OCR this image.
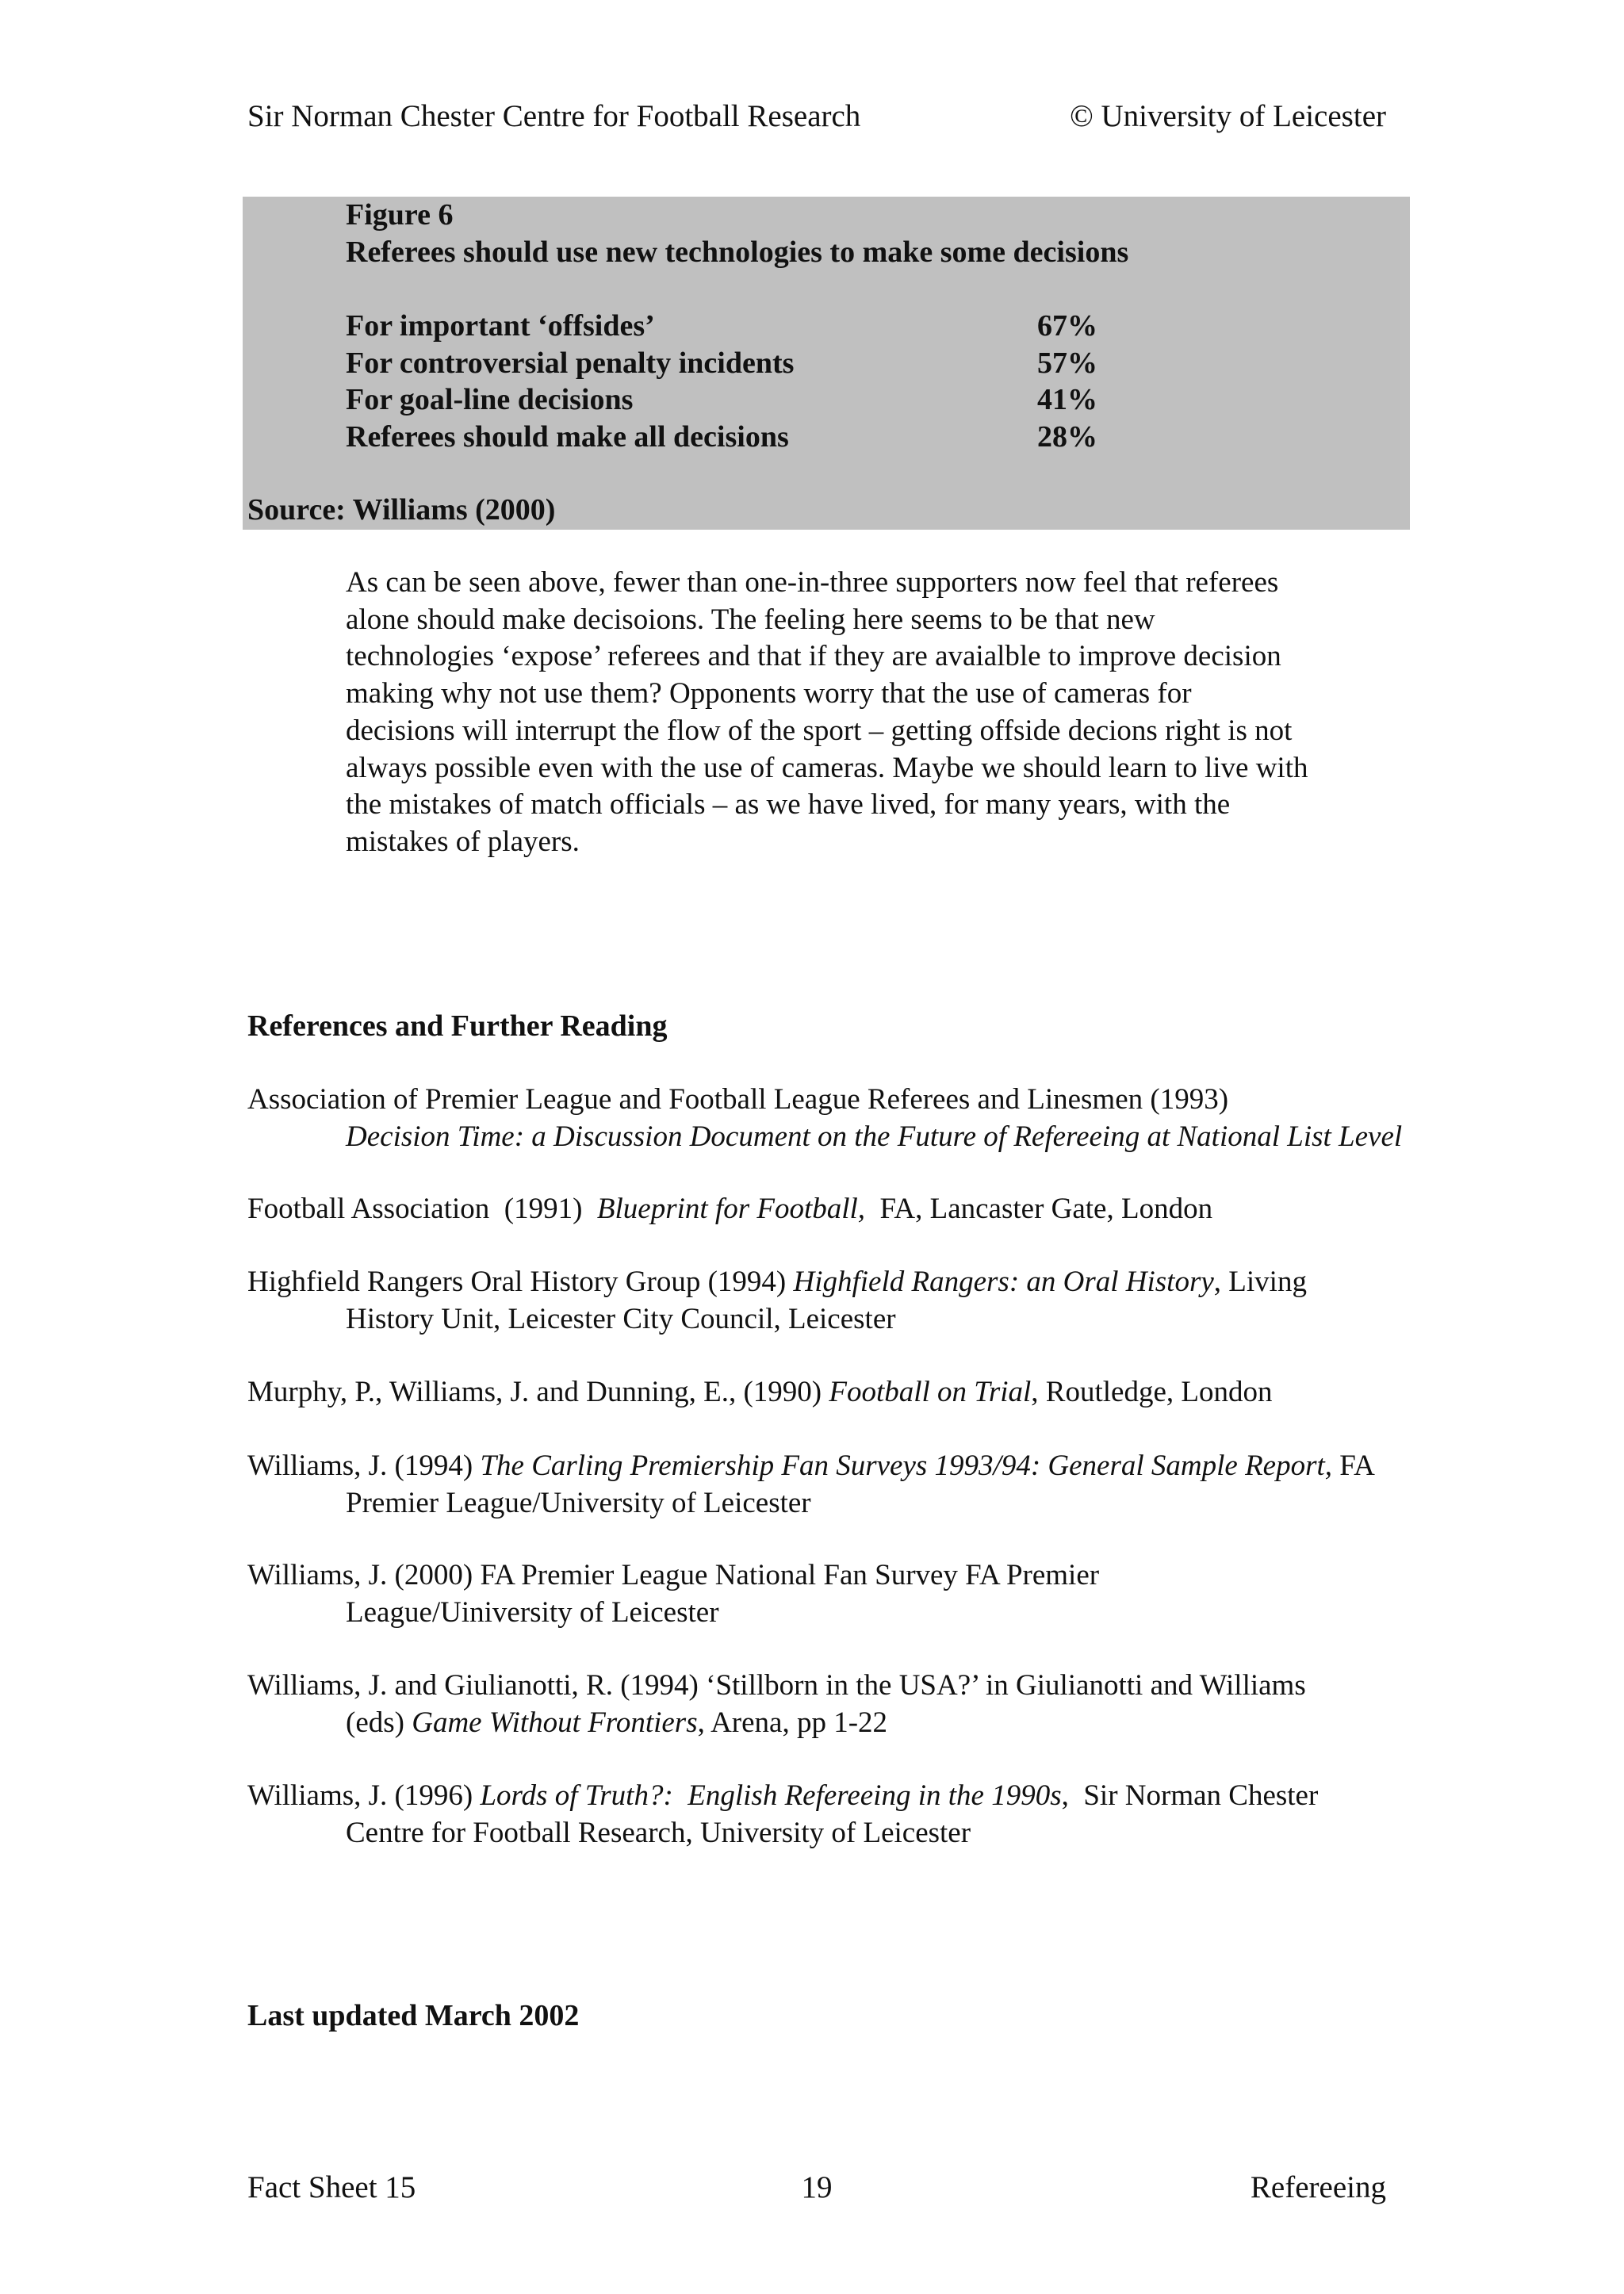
Sir Norman Chester Centre for Football Research	© University of Leicester
Figure 6
Referees should use new technologies to make some decisions
For important ‘offsides’	67%
For controversial penalty incidents	57%
For goal-line decisions	41%
Referees should make all decisions	28%
Source: Williams (2000)
As can be seen above, fewer than one-in-three supporters now feel that referees
alone should make decisoions. The feeling here seems to be that new
technologies ‘expose’ referees and that if they are avaialble to improve decision
making why not use them? Opponents worry that the use of cameras for
decisions will interrupt the flow of the sport – getting offside decions right is not
always possible even with the use of cameras. Maybe we should learn to live with
the mistakes of match officials – as we have lived, for many years, with the
mistakes of players.
References and Further Reading
Association of Premier League and Football League Referees and Linesmen (1993)
Decision Time: a Discussion Document on the Future of Refereeing at National List Level
Football Association  (1991)  Blueprint for Football,  FA, Lancaster Gate, London
Highfield Rangers Oral History Group (1994) Highfield Rangers: an Oral History, Living
History Unit, Leicester City Council, Leicester
Murphy, P., Williams, J. and Dunning, E., (1990) Football on Trial, Routledge, London
Williams, J. (1994) The Carling Premiership Fan Surveys 1993/94: General Sample Report, FA
Premier League/University of Leicester
Williams, J. (2000) FA Premier League National Fan Survey FA Premier
League/Uiniversity of Leicester
Williams, J. and Giulianotti, R. (1994) ‘Stillborn in the USA?’ in Giulianotti and Williams
(eds) Game Without Frontiers, Arena, pp 1-22
Williams, J. (1996) Lords of Truth?:  English Refereeing in the 1990s,  Sir Norman Chester
Centre for Football Research, University of Leicester
Last updated March 2002
Fact Sheet 15	19	Refereeing
